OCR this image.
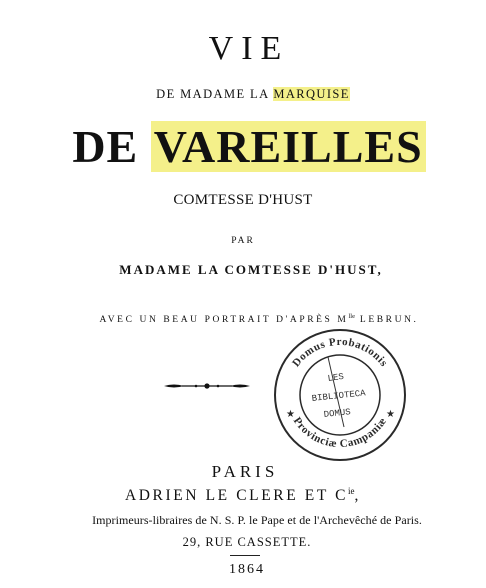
VIE
DE MADAME LA MARQUISE
DE VAREILLES
COMTESSE D'HUST
PAR
MADAME LA COMTESSE D'HUST,
AVEC UN BEAU PORTRAIT D'APRÈS $M^{lle}$ LEBRUN.
Domus Probationis
Provinciæ Campaniæ
★	★
LES
BIBLIOTECA
DOMUS
PARIS
ADRIEN LE CLERE ET $C^{ie}$,
Imprimeurs-libraires de N. S. P. le Pape et de l'Archevêché de Paris.
29, RUE CASSETTE.
1864
